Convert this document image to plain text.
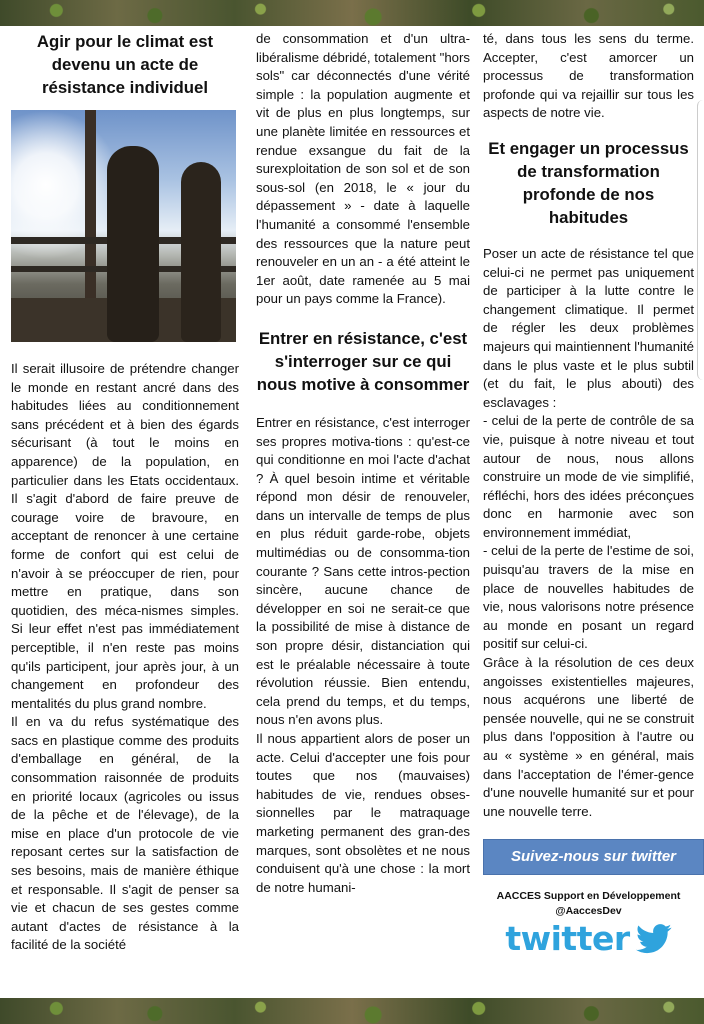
Agir pour le climat est devenu un acte de résistance individuel

Il serait illusoire de prétendre changer le monde en restant ancré dans des habitudes liées au conditionnement sans précédent et à bien des égards sécurisant (à tout le moins en apparence) de la population, en particulier dans les Etats occidentaux. Il s'agit d'abord de faire preuve de courage voire de bravoure, en acceptant de renoncer à une certaine forme de confort qui est celui de n'avoir à se préoccuper de rien, pour mettre en pratique, dans son quotidien, des méca-nismes simples. Si leur effet n'est pas immédiatement perceptible, il n'en reste pas moins qu'ils participent, jour après jour, à un changement en profondeur des mentalités du plus grand nombre.

Il en va du refus systématique des sacs en plastique comme des produits d'emballage en général, de la consommation raisonnée de produits en priorité locaux (agricoles ou issus de la pêche et de l'élevage), de la mise en place d'un protocole de vie reposant certes sur la satisfaction de ses besoins, mais de manière éthique et responsable. Il s'agit de penser sa vie et chacun de ses gestes comme autant d'actes de résistance à la facilité de la société

de consommation et d'un ultra-libéralisme débridé, totalement "hors sols" car déconnectés d'une vérité simple : la population augmente et vit de plus en plus longtemps, sur une planète limitée en ressources et rendue exsangue du fait de la surexploitation de son sol et de son sous-sol (en 2018, le « jour du dépassement » - date à laquelle l'humanité a consommé l'ensemble des ressources que la nature peut renouveler en un an - a été atteint le 1er août, date ramenée au 5 mai pour un pays comme la France).

Entrer en résistance, c'est s'interroger sur ce qui nous motive à consommer

Entrer en résistance, c'est interroger ses propres motiva-tions : qu'est-ce qui conditionne en moi l'acte d'achat ? À quel besoin intime et véritable répond mon désir de renouveler, dans un intervalle de temps de plus en plus réduit garde-robe, objets multimédias ou de consomma-tion courante ? Sans cette intros-pection sincère, aucune chance de développer en soi ne serait-ce que la possibilité de mise à distance de son propre désir, distanciation qui est le préalable nécessaire à toute révolution réussie. Bien entendu, cela prend du temps, et du temps, nous n'en avons plus.

Il nous appartient alors de poser un acte. Celui d'accepter une fois pour toutes que nos (mauvaises) habitudes de vie, rendues obses-sionnelles par le matraquage marketing permanent des gran-des marques, sont obsolètes et ne nous conduisent qu'à une chose : la mort de notre humani-

té, dans tous les sens du terme. Accepter, c'est amorcer un processus de transformation profonde qui va rejaillir sur tous les aspects de notre vie.

Et engager un processus de transformation profonde de nos habitudes

Poser un acte de résistance tel que celui-ci ne permet pas uniquement de participer à la lutte contre le changement climatique. Il permet de régler les deux problèmes majeurs qui maintiennent l'humanité dans le plus vaste et le plus subtil (et du fait, le plus abouti) des esclavages :

- celui de la perte de contrôle de sa vie, puisque à notre niveau et tout autour de nous, nous allons construire un mode de vie simplifié, réfléchi, hors des idées préconçues donc en harmonie avec son environnement immédiat,

- celui de la perte de l'estime de soi, puisqu'au travers de la mise en place de nouvelles habitudes de vie, nous valorisons notre présence au monde en posant un regard positif sur celui-ci.

Grâce à la résolution de ces deux angoisses existentielles majeures, nous acquérons une liberté de pensée nouvelle, qui ne se construit plus dans l'opposition à l'autre ou au « système » en général, mais dans l'acceptation de l'émer-gence d'une nouvelle humanité sur et pour une nouvelle terre.

Suivez-nous sur twitter
AACCES Support en Développement
@AaccesDev
twitter
